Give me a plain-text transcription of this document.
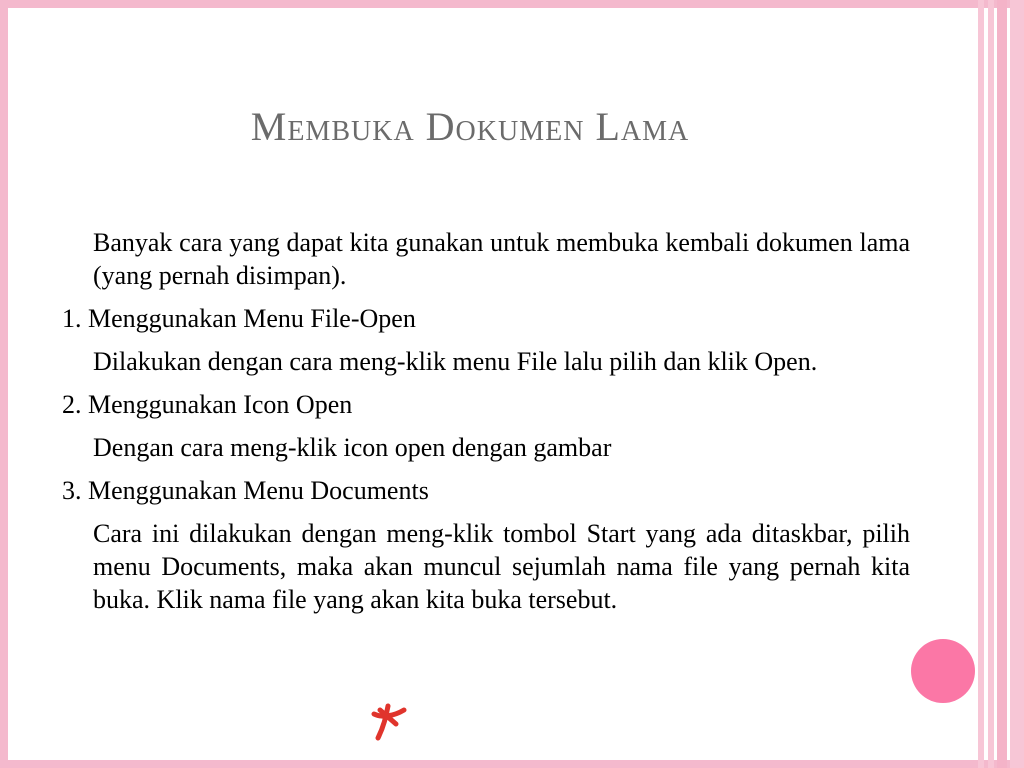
Membuka Dokumen Lama

Banyak cara yang dapat kita gunakan untuk membuka kembali dokumen lama (yang pernah disimpan).

1. Menggunakan Menu File-Open

Dilakukan dengan cara meng-klik menu File lalu pilih dan klik Open.

2. Menggunakan Icon Open

Dengan cara meng-klik icon open dengan gambar

3. Menggunakan Menu Documents

Cara ini dilakukan dengan meng-klik tombol Start yang ada ditaskbar, pilih menu Documents, maka akan muncul sejumlah nama file yang pernah kita buka. Klik nama file yang akan kita buka tersebut.
